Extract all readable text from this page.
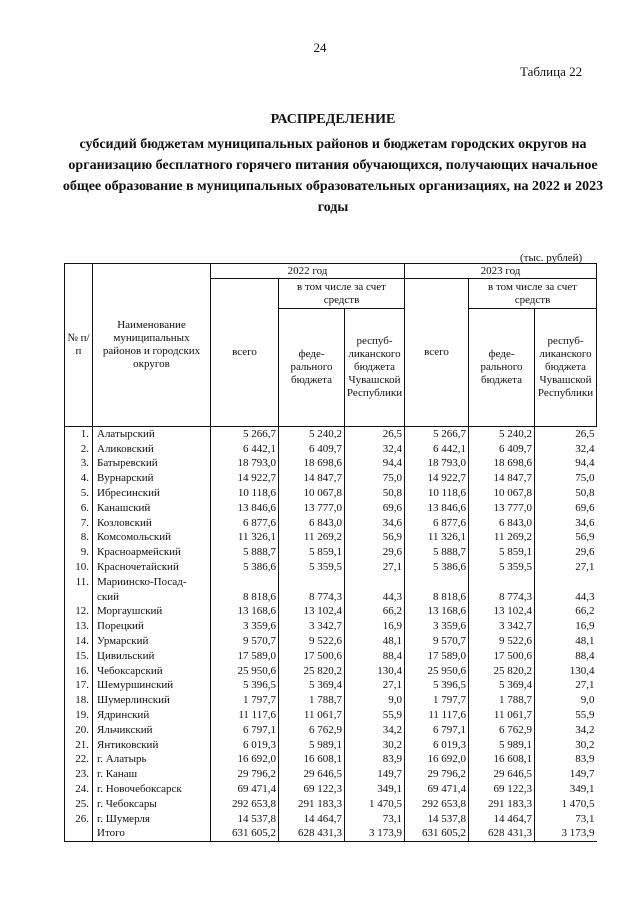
24
Таблица 22
РАСПРЕДЕЛЕНИЕ
субсидий бюджетам муниципальных районов и бюджетам городских округов на организацию бесплатного горячего питания обучающихся, получающих начальное общее образование в муниципальных образовательных организациях, на 2022 и 2023 годы
(тыс. рублей)
№ п/п	Наименование муниципальных районов и городских округов	2022 год			2023 год		
		всего	в том числе за счет средств		всего	в том числе за счет средств	
			федерального бюджета	республиканского бюджета Чувашской Республики		федерального бюджета	республиканского бюджета Чувашской Республики
1.	Алатырский	5 266,7	5 240,2	26,5	5 266,7	5 240,2	26,5
2.	Аликовский	6 442,1	6 409,7	32,4	6 442,1	6 409,7	32,4
3.	Батыревский	18 793,0	18 698,6	94,4	18 793,0	18 698,6	94,4
4.	Вурнарский	14 922,7	14 847,7	75,0	14 922,7	14 847,7	75,0
5.	Ибресинский	10 118,6	10 067,8	50,8	10 118,6	10 067,8	50,8
6.	Канашский	13 846,6	13 777,0	69,6	13 846,6	13 777,0	69,6
7.	Козловский	6 877,6	6 843,0	34,6	6 877,6	6 843,0	34,6
8.	Комсомольский	11 326,1	11 269,2	56,9	11 326,1	11 269,2	56,9
9.	Красноармейский	5 888,7	5 859,1	29,6	5 888,7	5 859,1	29,6
10.	Красночетайский	5 386,6	5 359,5	27,1	5 386,6	5 359,5	27,1
11.	Мариинско-Посад-						
	ский	8 818,6	8 774,3	44,3	8 818,6	8 774,3	44,3
12.	Моргаушский	13 168,6	13 102,4	66,2	13 168,6	13 102,4	66,2
13.	Порецкий	3 359,6	3 342,7	16,9	3 359,6	3 342,7	16,9
14.	Урмарский	9 570,7	9 522,6	48,1	9 570,7	9 522,6	48,1
15.	Цивильский	17 589,0	17 500,6	88,4	17 589,0	17 500,6	88,4
16.	Чебоксарский	25 950,6	25 820,2	130,4	25 950,6	25 820,2	130,4
17.	Шемуршинский	5 396,5	5 369,4	27,1	5 396,5	5 369,4	27,1
18.	Шумерлинский	1 797,7	1 788,7	9,0	1 797,7	1 788,7	9,0
19.	Ядринский	11 117,6	11 061,7	55,9	11 117,6	11 061,7	55,9
20.	Яльчикский	6 797,1	6 762,9	34,2	6 797,1	6 762,9	34,2
21.	Янтиковский	6 019,3	5 989,1	30,2	6 019,3	5 989,1	30,2
22.	г. Алатырь	16 692,0	16 608,1	83,9	16 692,0	16 608,1	83,9
23.	г. Канаш	29 796,2	29 646,5	149,7	29 796,2	29 646,5	149,7
24.	г. Новочебоксарск	69 471,4	69 122,3	349,1	69 471,4	69 122,3	349,1
25.	г. Чебоксары	292 653,8	291 183,3	1 470,5	292 653,8	291 183,3	1 470,5
26.	г. Шумерля	14 537,8	14 464,7	73,1	14 537,8	14 464,7	73,1
	Итого	631 605,2	628 431,3	3 173,9	631 605,2	628 431,3	3 173,9
